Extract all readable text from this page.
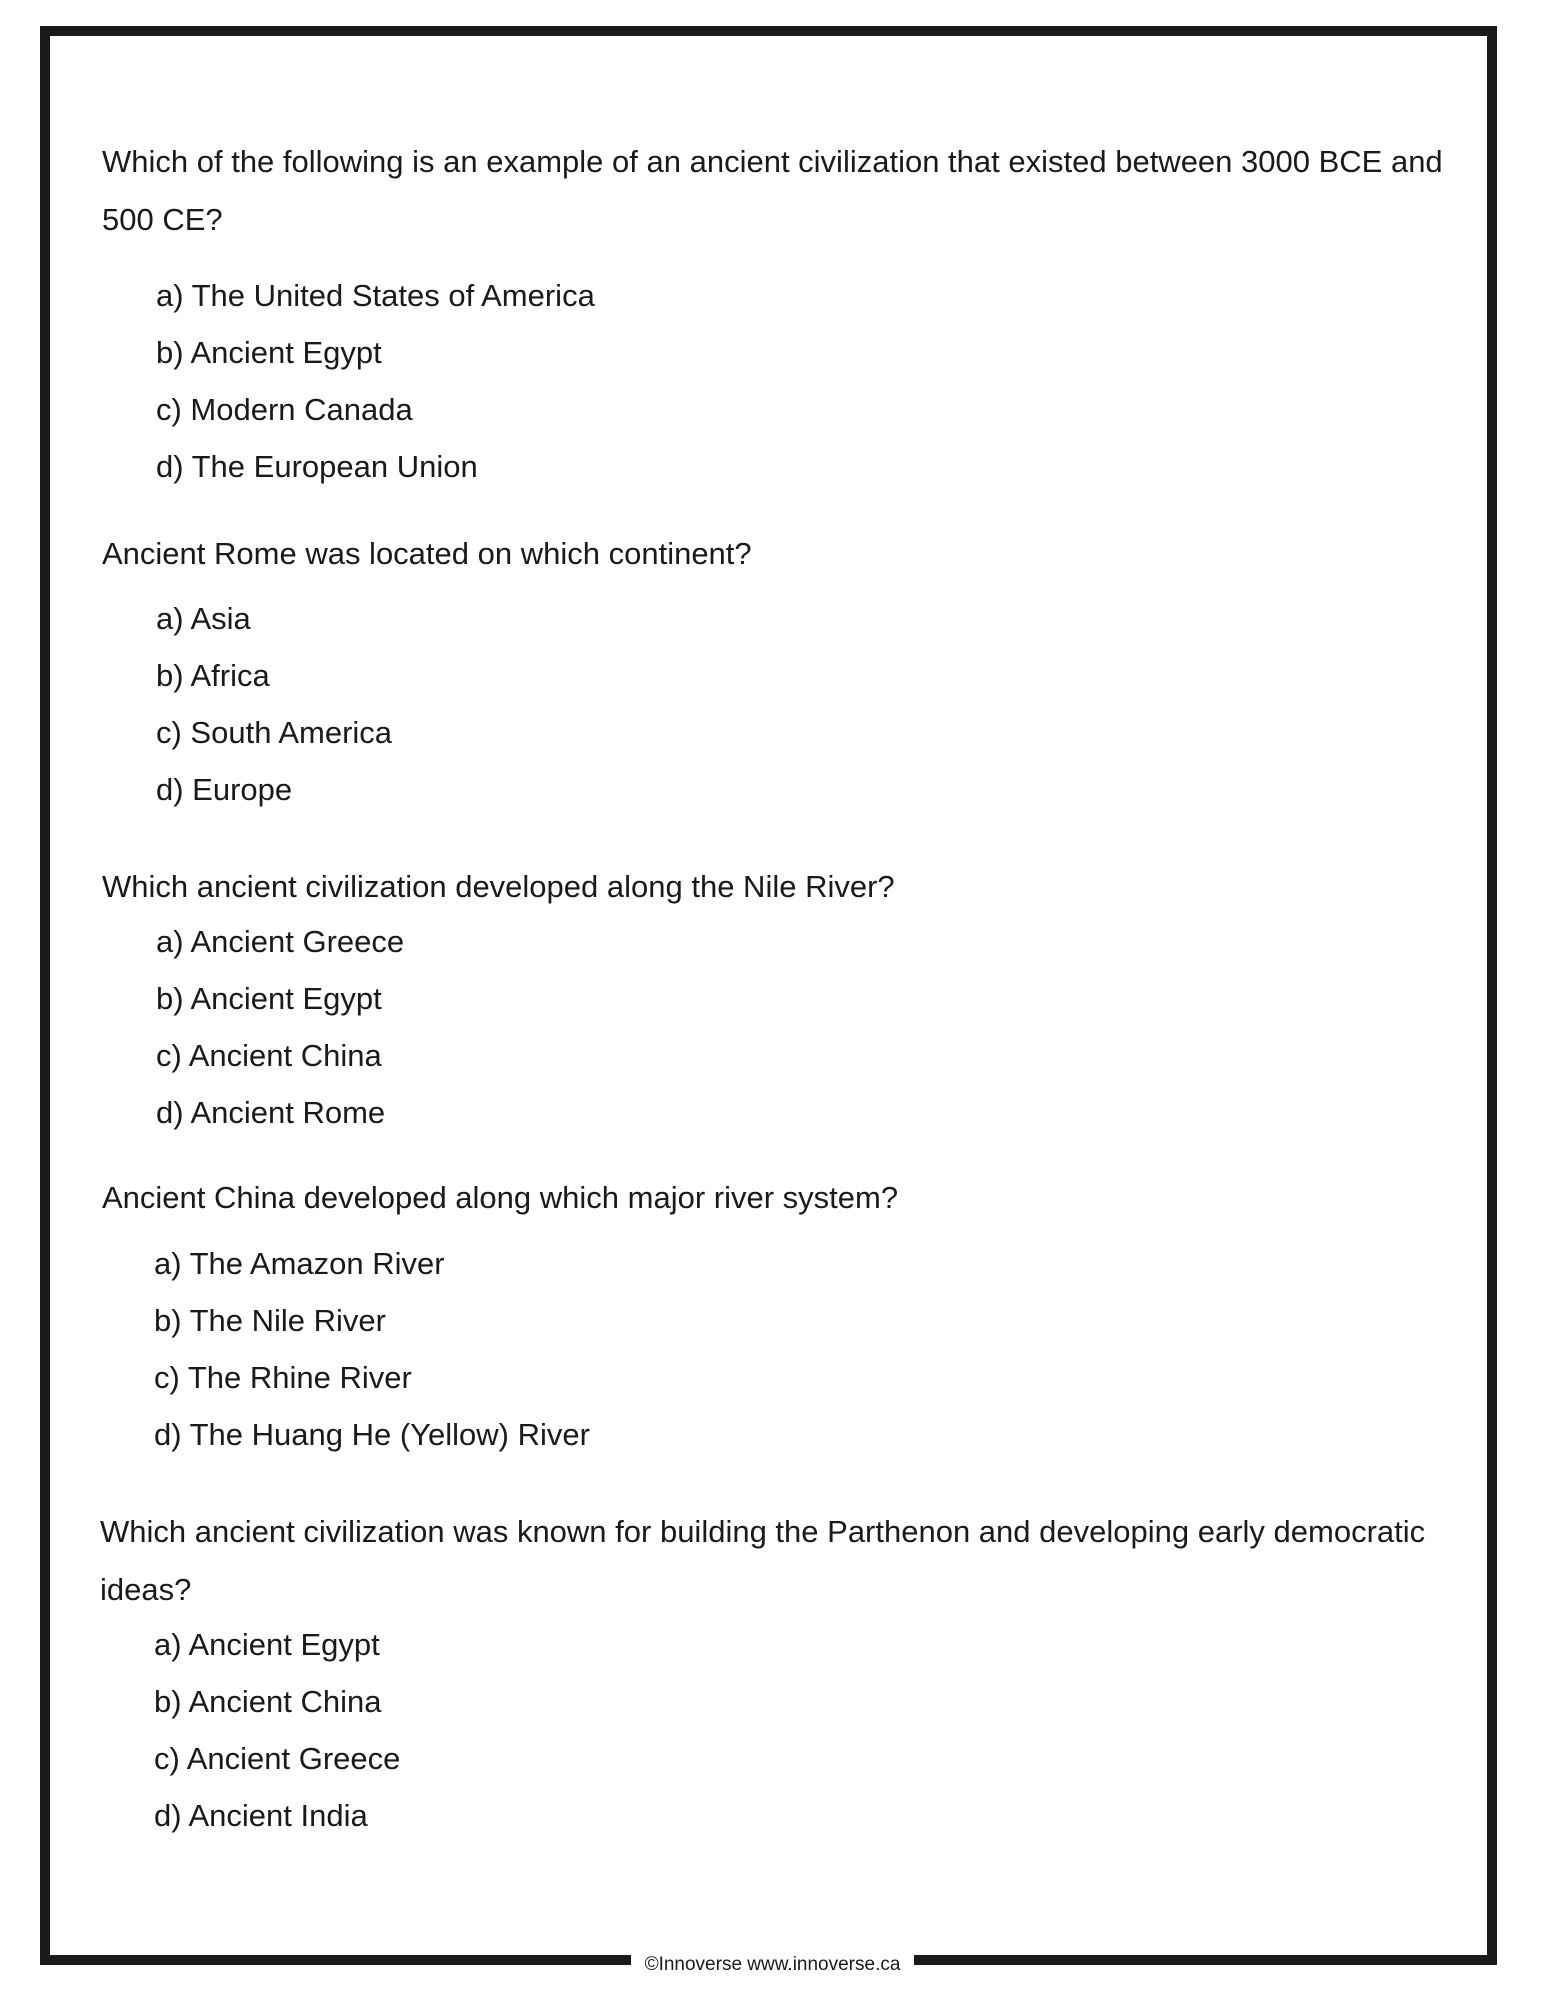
Which of the following is an example of an ancient civilization that existed between 3000 BCE and 500 CE?

a) The United States of America

b) Ancient Egypt

c) Modern Canada

d) The European Union

Ancient Rome was located on which continent?

a) Asia

b) Africa

c) South America

d) Europe

Which ancient civilization developed along the Nile River?

a) Ancient Greece

b) Ancient Egypt

c) Ancient China

d) Ancient Rome

Ancient China developed along which major river system?

a) The Amazon River

b) The Nile River

c) The Rhine River

d) The Huang He (Yellow) River

Which ancient civilization was known for building the Parthenon and developing early democratic ideas?

a) Ancient Egypt

b) Ancient China

c) Ancient Greece

d) Ancient India

©Innoverse www.innoverse.ca
